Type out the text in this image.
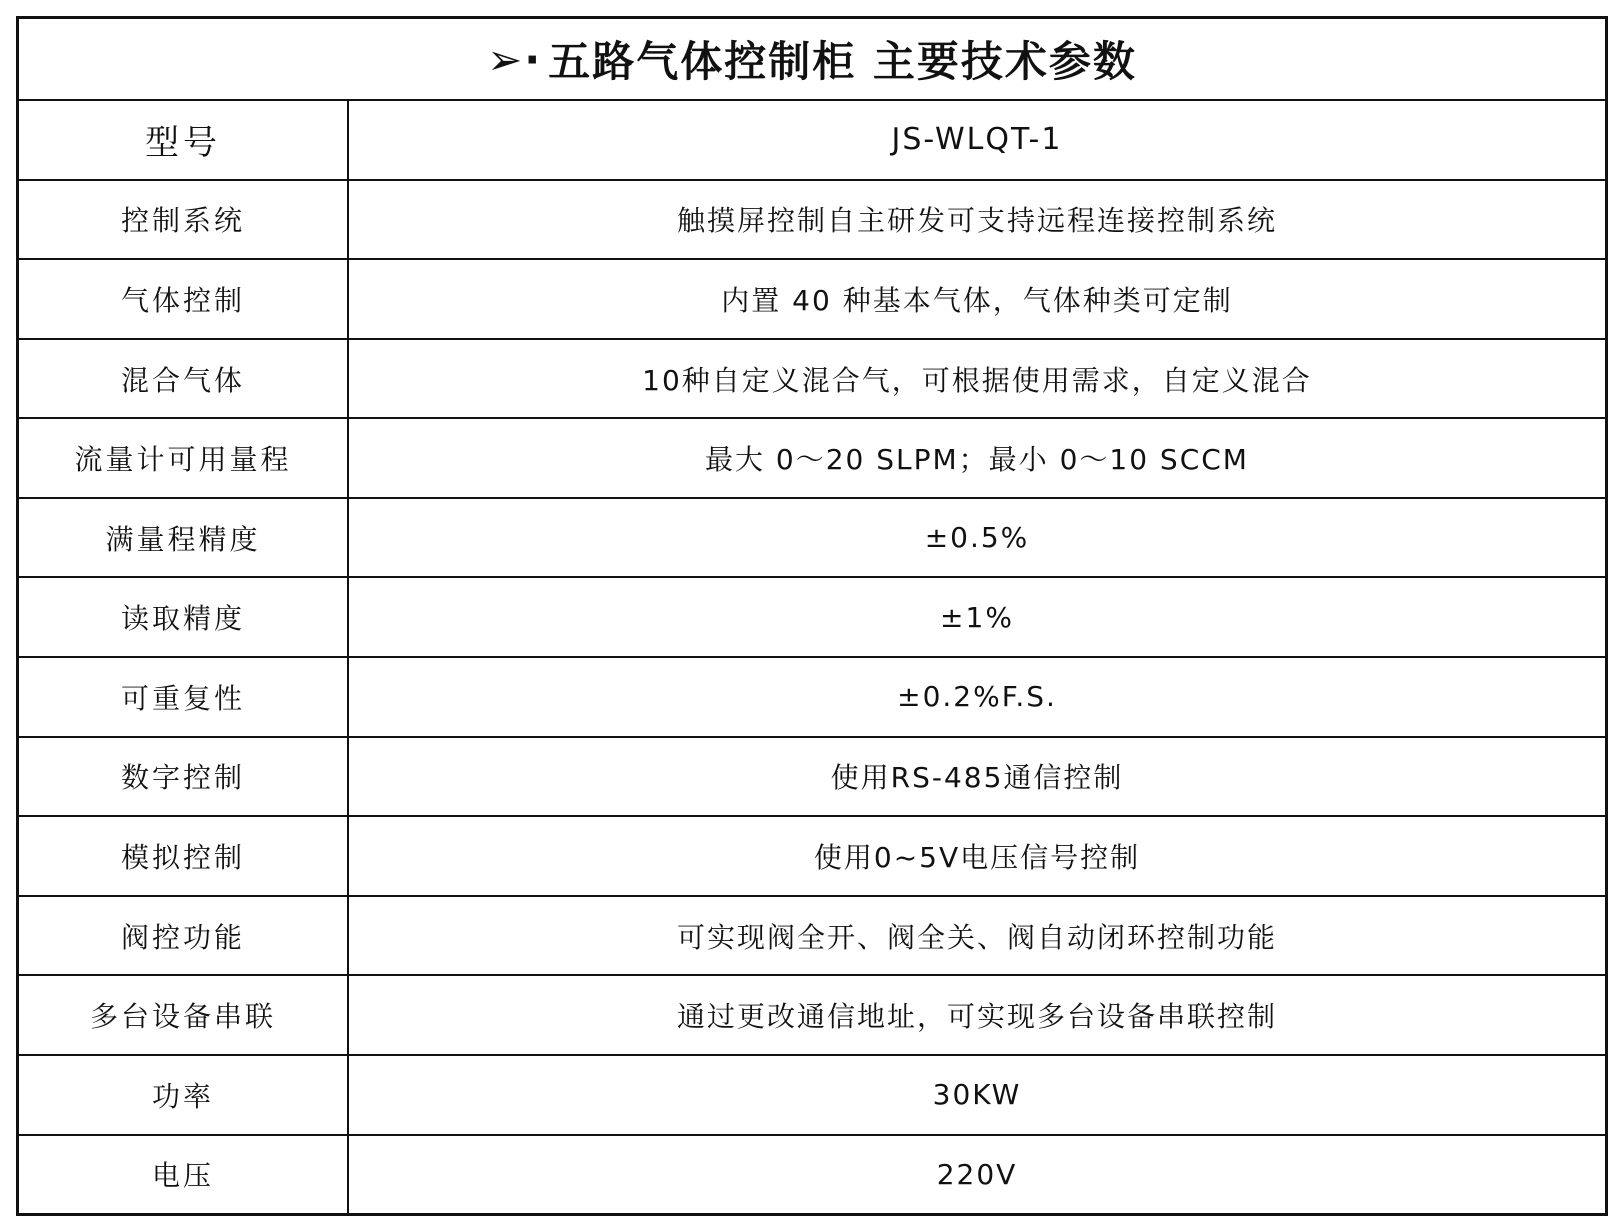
➢· 五路气体控制柜 主要技术参数
型号	JS-WLQT-1
控制系统	触摸屏控制自主研发可支持远程连接控制系统
气体控制	内置 40 种基本气体，气体种类可定制
混合气体	10种自定义混合气，可根据使用需求，自定义混合
流量计可用量程	最大 0～20 SLPM；最小 0～10 SCCM
满量程精度	±0.5%
读取精度	±1%
可重复性	±0.2%F.S.
数字控制	使用RS-485通信控制
模拟控制	使用0~5V电压信号控制
阀控功能	可实现阀全开、阀全关、阀自动闭环控制功能
多台设备串联	通过更改通信地址，可实现多台设备串联控制
功率	30KW
电压	220V
